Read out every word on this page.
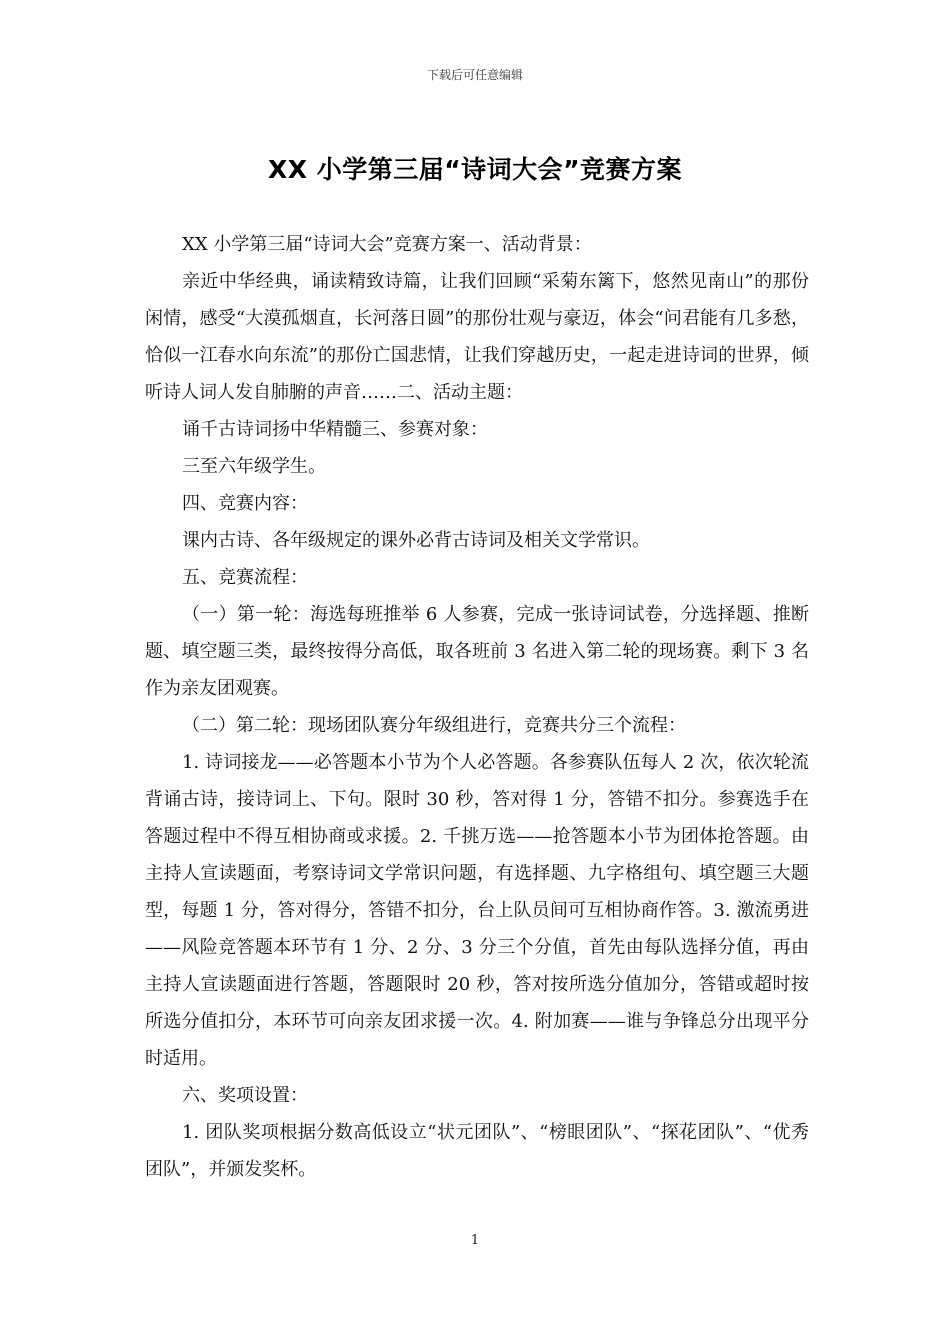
下载后可任意编辑
XX 小学第三届“诗词大会”竞赛方案

XX 小学第三届“诗词大会”竞赛方案一、活动背景：

亲近中华经典，诵读精致诗篇，让我们回顾“采菊东篱下，悠然见南山”的那份闲情，感受“大漠孤烟直，长河落日圆”的那份壮观与豪迈，体会“问君能有几多愁，恰似一江春水向东流”的那份亡国悲情，让我们穿越历史，一起走进诗词的世界，倾听诗人词人发自肺腑的声音……二、活动主题：

诵千古诗词扬中华精髓三、参赛对象：

三至六年级学生。

四、竞赛内容：

课内古诗、各年级规定的课外必背古诗词及相关文学常识。

五、竞赛流程：

（一）第一轮：海选每班推举 6 人参赛，完成一张诗词试卷，分选择题、推断题、填空题三类，最终按得分高低，取各班前 3 名进入第二轮的现场赛。剩下 3 名作为亲友团观赛。

（二）第二轮：现场团队赛分年级组进行，竞赛共分三个流程：

1. 诗词接龙——必答题本小节为个人必答题。各参赛队伍每人 2 次，依次轮流背诵古诗，接诗词上、下句。限时 30 秒，答对得 1 分，答错不扣分。参赛选手在答题过程中不得互相协商或求援。2. 千挑万选——抢答题本小节为团体抢答题。由主持人宣读题面，考察诗词文学常识问题，有选择题、九字格组句、填空题三大题型，每题 1 分，答对得分，答错不扣分，台上队员间可互相协商作答。3. 激流勇进——风险竞答题本环节有 1 分、2 分、3 分三个分值，首先由每队选择分值，再由主持人宣读题面进行答题，答题限时 20 秒，答对按所选分值加分，答错或超时按所选分值扣分，本环节可向亲友团求援一次。4. 附加赛——谁与争锋总分出现平分时适用。

六、奖项设置：

1. 团队奖项根据分数高低设立“状元团队”、“榜眼团队”、“探花团队”、“优秀团队”，并颁发奖杯。

1
